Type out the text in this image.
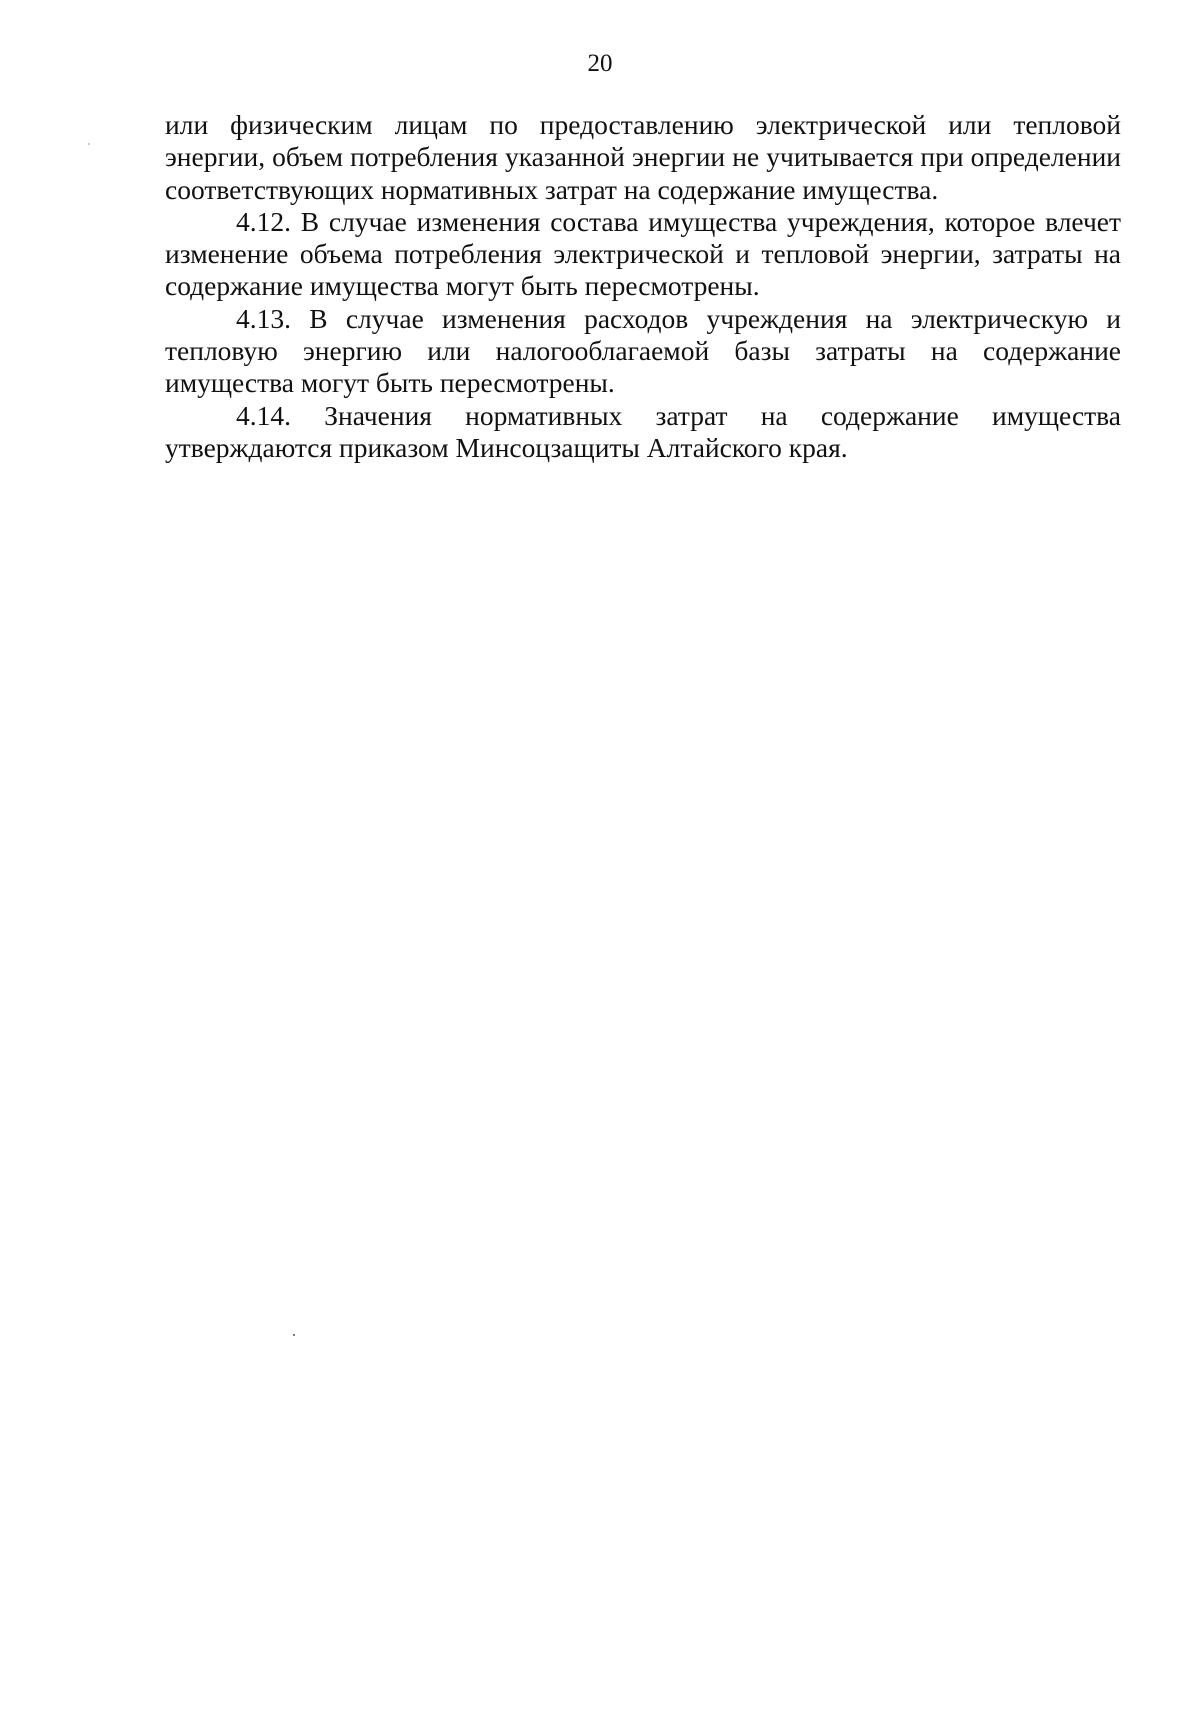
20

или физическим лицам по предоставлению электрической или тепловой энергии, объем потребления указанной энергии не учитывается при определении соответствующих нормативных затрат на содержание имущества.

4.12. В случае изменения состава имущества учреждения, которое влечет изменение объема потребления электрической и тепловой энергии, затраты на содержание имущества могут быть пересмотрены.

4.13. В случае изменения расходов учреждения на электрическую и тепловую энергию или налогооблагаемой базы затраты на содержание имущества могут быть пересмотрены.

4.14. Значения нормативных затрат на содержание имущества утверждаются приказом Минсоцзащиты Алтайского края.
